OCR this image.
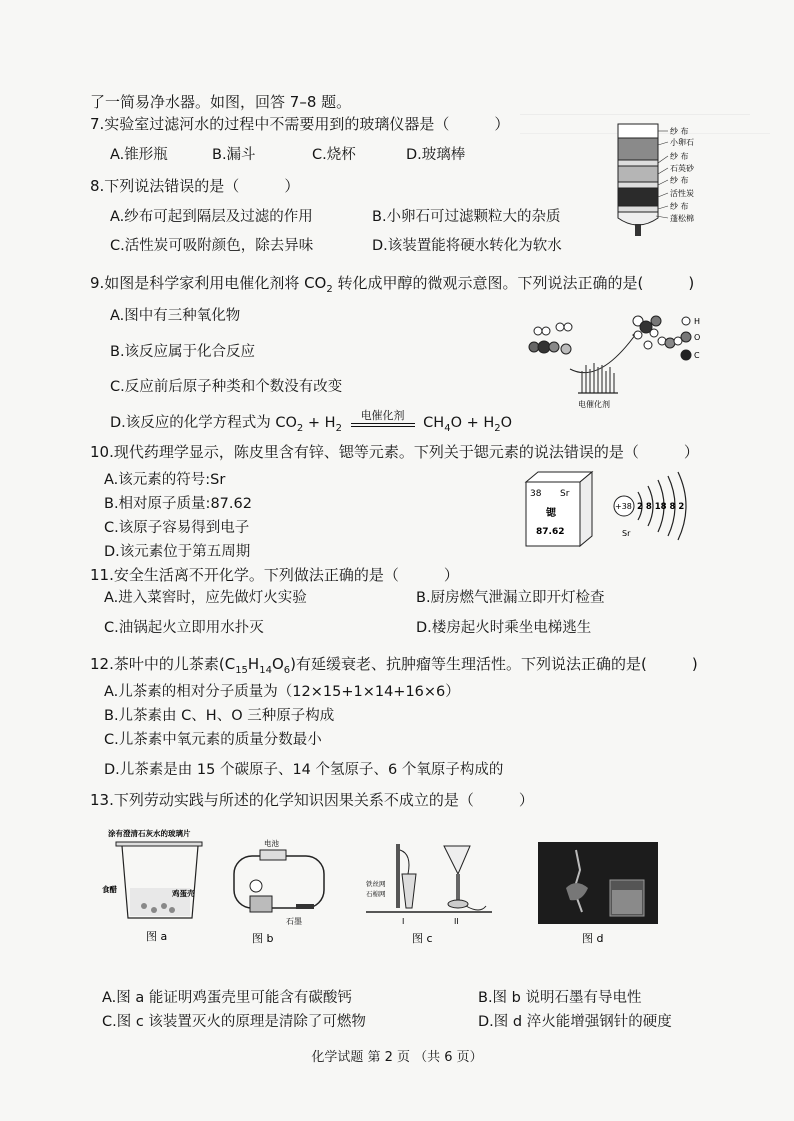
了一简易净水器。如图，回答 7–8 题。
7.实验室过滤河水的过程中不需要用到的玻璃仪器是（　　　）
A.锥形瓶	B.漏斗	C.烧杯	D.玻璃棒
纱 布
小卵石
纱 布
石英砂
纱 布
活性炭
纱 布
蓬松棉
8.下列说法错误的是（　　　）
A.纱布可起到隔层及过滤的作用	B.小卵石可过滤颗粒大的杂质
C.活性炭可吸附颜色，除去异味	D.该装置能将硬水转化为软水
9.如图是科学家利用电催化剂将 $CO_2$ 转化成甲醇的微观示意图。下列说法正确的是(　　　)
A.图中有三种氧化物
B.该反应属于化合反应
C.反应前后原子种类和个数没有改变
D.该反应的化学方程式为 $CO_2 + H_2$
电催化剂 $CH_4O + H_2O$
电催化剂
H
O
C
10.现代药理学显示，陈皮里含有锌、锶等元素。下列关于锶元素的说法错误的是（　　　）
A.该元素的符号:Sr
B.相对原子质量:87.62
C.该原子容易得到电子
D.该元素位于第五周期
38 Sr
锶
87.62
+38 2 8 18 8 2
Sr
11.安全生活离不开化学。下列做法正确的是（　　　）
A.进入菜窖时，应先做灯火实验	B.厨房燃气泄漏立即开灯检查
C.油锅起火立即用水扑灭	D.楼房起火时乘坐电梯逃生
12.茶叶中的儿茶素$(C_{15}H_{14}O_6)$有延缓衰老、抗肿瘤等生理活性。下列说法正确的是(　　　)
A.儿茶素的相对分子质量为（12×15+1×14+16×6）
B.儿茶素由 C、H、O 三种原子构成
C.儿茶素中氧元素的质量分数最小
D.儿茶素是由 15 个碳原子、14 个氢原子、6 个氧原子构成的
13.下列劳动实践与所述的化学知识因果关系不成立的是（　　　）
涂有澄清石灰水的玻璃片
食醋	鸡蛋壳
图 a
电池
石墨
图 b
铁丝网
石棉网
I	II
图 c	图 d
A.图 a 能证明鸡蛋壳里可能含有碳酸钙	B.图 b 说明石墨有导电性
C.图 c 该装置灭火的原理是清除了可燃物	D.图 d 淬火能增强钢针的硬度
化学试题 第 2 页 （共 6 页）
